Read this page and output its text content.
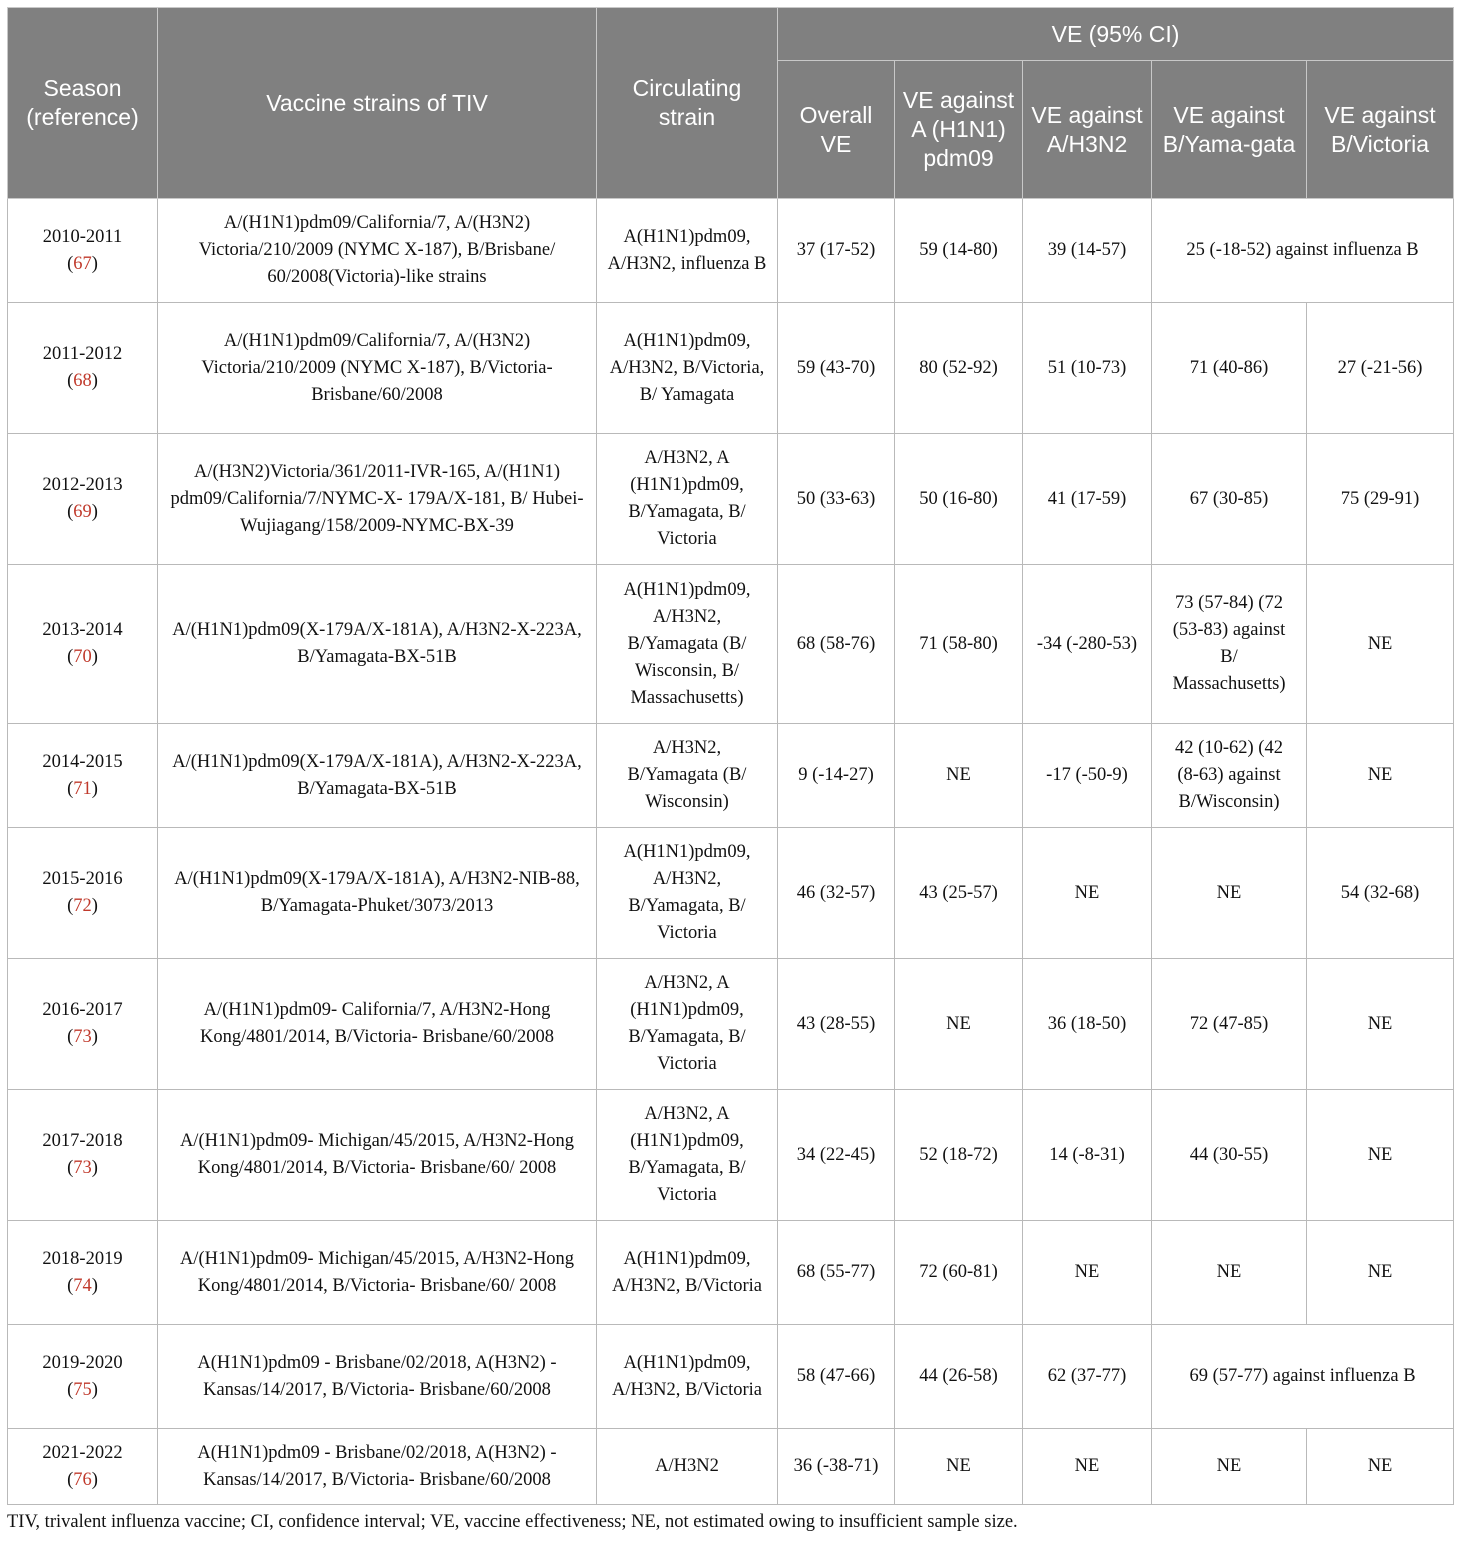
Season (reference)	Vaccine strains of TIV	Circulating strain	VE (95% CI)				
			Overall VE	VE against A (H1N1) pdm09	VE against A/H3N2	VE against B/Yama-gata	VE against B/Victoria
2010-2011
(67)	A/(H1N1)pdm09/California/7, A/(H3N2) Victoria/210/2009 (NYMC X-187), B/Brisbane/ 60/2008(Victoria)-like strains	A(H1N1)pdm09, A/H3N2, influenza B	37 (17-52)	59 (14-80)	39 (14-57)	25 (-18-52) against influenza B	
2011-2012
(68)	A/(H1N1)pdm09/California/7, A/(H3N2) Victoria/210/2009 (NYMC X-187), B/Victoria-Brisbane/60/2008	A(H1N1)pdm09, A/H3N2, B/Victoria, B/ Yamagata	59 (43-70)	80 (52-92)	51 (10-73)	71 (40-86)	27 (-21-56)
2012-2013
(69)	A/(H3N2)Victoria/361/2011-IVR-165, A/(H1N1) pdm09/California/7/NYMC-X- 179A/X-181, B/ Hubei-Wujiagang/158/2009-NYMC-BX-39	A/H3N2, A (H1N1)pdm09, B/Yamagata, B/ Victoria	50 (33-63)	50 (16-80)	41 (17-59)	67 (30-85)	75 (29-91)
2013-2014
(70)	A/(H1N1)pdm09(X-179A/X-181A), A/H3N2-X-223A, B/Yamagata-BX-51B	A(H1N1)pdm09, A/H3N2, B/Yamagata (B/ Wisconsin, B/ Massachusetts)	68 (58-76)	71 (58-80)	-34 (-280-53)	73 (57-84) (72 (53-83) against B/ Massachusetts)	NE
2014-2015
(71)	A/(H1N1)pdm09(X-179A/X-181A), A/H3N2-X-223A, B/Yamagata-BX-51B	A/H3N2, B/Yamagata (B/ Wisconsin)	9 (-14-27)	NE	-17 (-50-9)	42 (10-62) (42 (8-63) against B/Wisconsin)	NE
2015-2016
(72)	A/(H1N1)pdm09(X-179A/X-181A), A/H3N2-NIB-88, B/Yamagata-Phuket/3073/2013	A(H1N1)pdm09, A/H3N2, B/Yamagata, B/ Victoria	46 (32-57)	43 (25-57)	NE	NE	54 (32-68)
2016-2017
(73)	A/(H1N1)pdm09- California/7, A/H3N2-Hong Kong/4801/2014, B/Victoria- Brisbane/60/2008	A/H3N2, A (H1N1)pdm09, B/Yamagata, B/ Victoria	43 (28-55)	NE	36 (18-50)	72 (47-85)	NE
2017-2018
(73)	A/(H1N1)pdm09- Michigan/45/2015, A/H3N2-Hong Kong/4801/2014, B/Victoria- Brisbane/60/ 2008	A/H3N2, A (H1N1)pdm09, B/Yamagata, B/ Victoria	34 (22-45)	52 (18-72)	14 (-8-31)	44 (30-55)	NE
2018-2019
(74)	A/(H1N1)pdm09- Michigan/45/2015, A/H3N2-Hong Kong/4801/2014, B/Victoria- Brisbane/60/ 2008	A(H1N1)pdm09, A/H3N2, B/Victoria	68 (55-77)	72 (60-81)	NE	NE	NE
2019-2020
(75)	A(H1N1)pdm09 - Brisbane/02/2018, A(H3N2) - Kansas/14/2017, B/Victoria- Brisbane/60/2008	A(H1N1)pdm09, A/H3N2, B/Victoria	58 (47-66)	44 (26-58)	62 (37-77)	69 (57-77) against influenza B	
2021-2022
(76)	A(H1N1)pdm09 - Brisbane/02/2018, A(H3N2) - Kansas/14/2017, B/Victoria- Brisbane/60/2008	A/H3N2	36 (-38-71)	NE	NE	NE	NE
TIV, trivalent influenza vaccine; CI, confidence interval; VE, vaccine effectiveness; NE, not estimated owing to insufficient sample size.
